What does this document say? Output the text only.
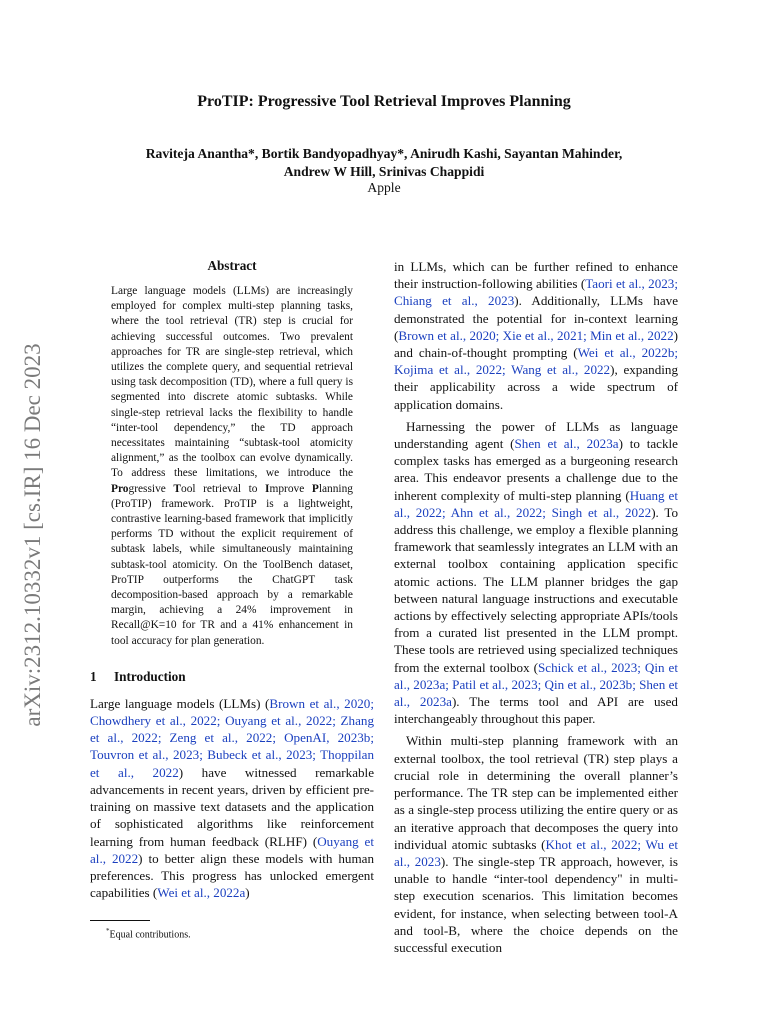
arXiv:2312.10332v1 [cs.IR] 16 Dec 2023
ProTIP: Progressive Tool Retrieval Improves Planning
Raviteja Anantha*, Bortik Bandyopadhyay*, Anirudh Kashi, Sayantan Mahinder,
Andrew W Hill, Srinivas Chappidi
Apple
Abstract
Large language models (LLMs) are increasingly employed for complex multi-step planning tasks, where the tool retrieval (TR) step is crucial for achieving successful outcomes. Two prevalent approaches for TR are single-step retrieval, which utilizes the complete query, and sequential retrieval using task decomposition (TD), where a full query is segmented into discrete atomic subtasks. While single-step retrieval lacks the flexibility to handle “inter-tool dependency,” the TD approach necessitates maintaining “subtask-tool atomicity alignment,” as the toolbox can evolve dynamically. To address these limitations, we introduce the Progressive Tool retrieval to Improve Planning (ProTIP) framework. ProTIP is a lightweight, contrastive learning-based framework that implicitly performs TD without the explicit requirement of subtask labels, while simultaneously maintaining subtask-tool atomicity. On the ToolBench dataset, ProTIP outperforms the ChatGPT task decomposition-based approach by a remarkable margin, achieving a 24% improvement in Recall@K=10 for TR and a 41% enhancement in tool accuracy for plan generation.
1 Introduction

Large language models (LLMs) (Brown et al., 2020; Chowdhery et al., 2022; Ouyang et al., 2022; Zhang et al., 2022; Zeng et al., 2022; OpenAI, 2023b; Touvron et al., 2023; Bubeck et al., 2023; Thoppilan et al., 2022) have witnessed remarkable advancements in recent years, driven by efficient pre-training on massive text datasets and the application of sophisticated algorithms like reinforcement learning from human feedback (RLHF) (Ouyang et al., 2022) to better align these models with human preferences. This progress has unlocked emergent capabilities (Wei et al., 2022a)

in LLMs, which can be further refined to enhance their instruction-following abilities (Taori et al., 2023; Chiang et al., 2023). Additionally, LLMs have demonstrated the potential for in-context learning (Brown et al., 2020; Xie et al., 2021; Min et al., 2022) and chain-of-thought prompting (Wei et al., 2022b; Kojima et al., 2022; Wang et al., 2022), expanding their applicability across a wide spectrum of application domains.

Harnessing the power of LLMs as language understanding agent (Shen et al., 2023a) to tackle complex tasks has emerged as a burgeoning research area. This endeavor presents a challenge due to the inherent complexity of multi-step planning (Huang et al., 2022; Ahn et al., 2022; Singh et al., 2022). To address this challenge, we employ a flexible planning framework that seamlessly integrates an LLM with an external toolbox containing application specific atomic actions. The LLM planner bridges the gap between natural language instructions and executable actions by effectively selecting appropriate APIs/tools from a curated list presented in the LLM prompt. These tools are retrieved using specialized techniques from the external toolbox (Schick et al., 2023; Qin et al., 2023a; Patil et al., 2023; Qin et al., 2023b; Shen et al., 2023a). The terms tool and API are used interchangeably throughout this paper.

Within multi-step planning framework with an external toolbox, the tool retrieval (TR) step plays a crucial role in determining the overall planner’s performance. The TR step can be implemented either as a single-step process utilizing the entire query or as an iterative approach that decomposes the query into individual atomic subtasks (Khot et al., 2022; Wu et al., 2023). The single-step TR approach, however, is unable to handle “inter-tool dependency" in multi-step execution scenarios. This limitation becomes evident, for instance, when selecting between tool-A and tool-B, where the choice depends on the successful execution

*Equal contributions.
